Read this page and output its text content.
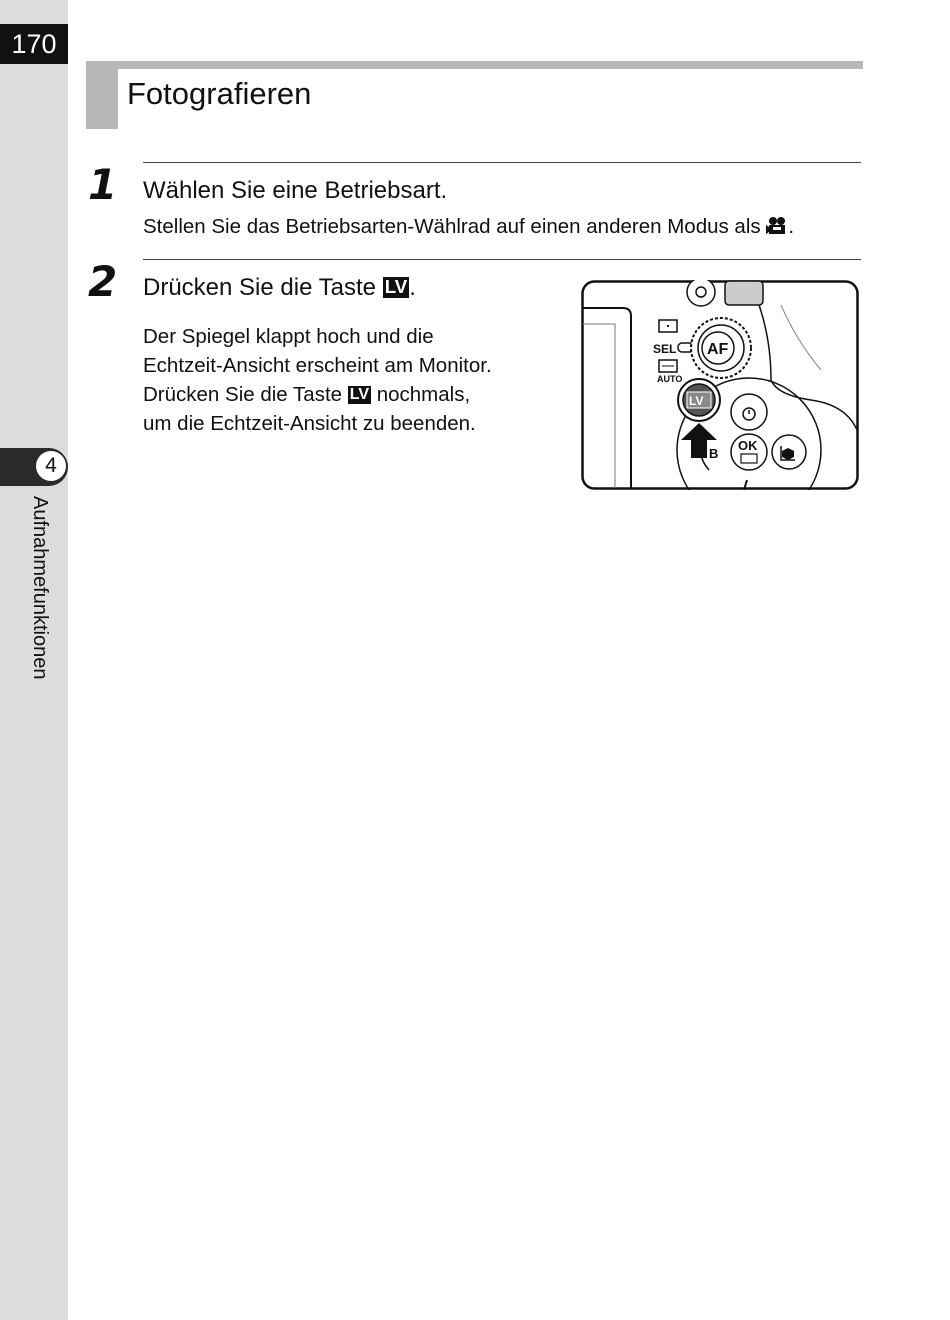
170
4
Aufnahmefunktionen
Fotografieren
1 Wählen Sie eine Betriebsart.
Stellen Sie das Betriebsarten-Wählrad auf einen anderen Modus als .
2 Drücken Sie die Taste LV.
Der Spiegel klappt hoch und die
Echtzeit-Ansicht erscheint am Monitor.
Drücken Sie die Taste LV nochmals,
um die Echtzeit-Ansicht zu beenden.
SEL
AUTO
AF
LV
OK
B
